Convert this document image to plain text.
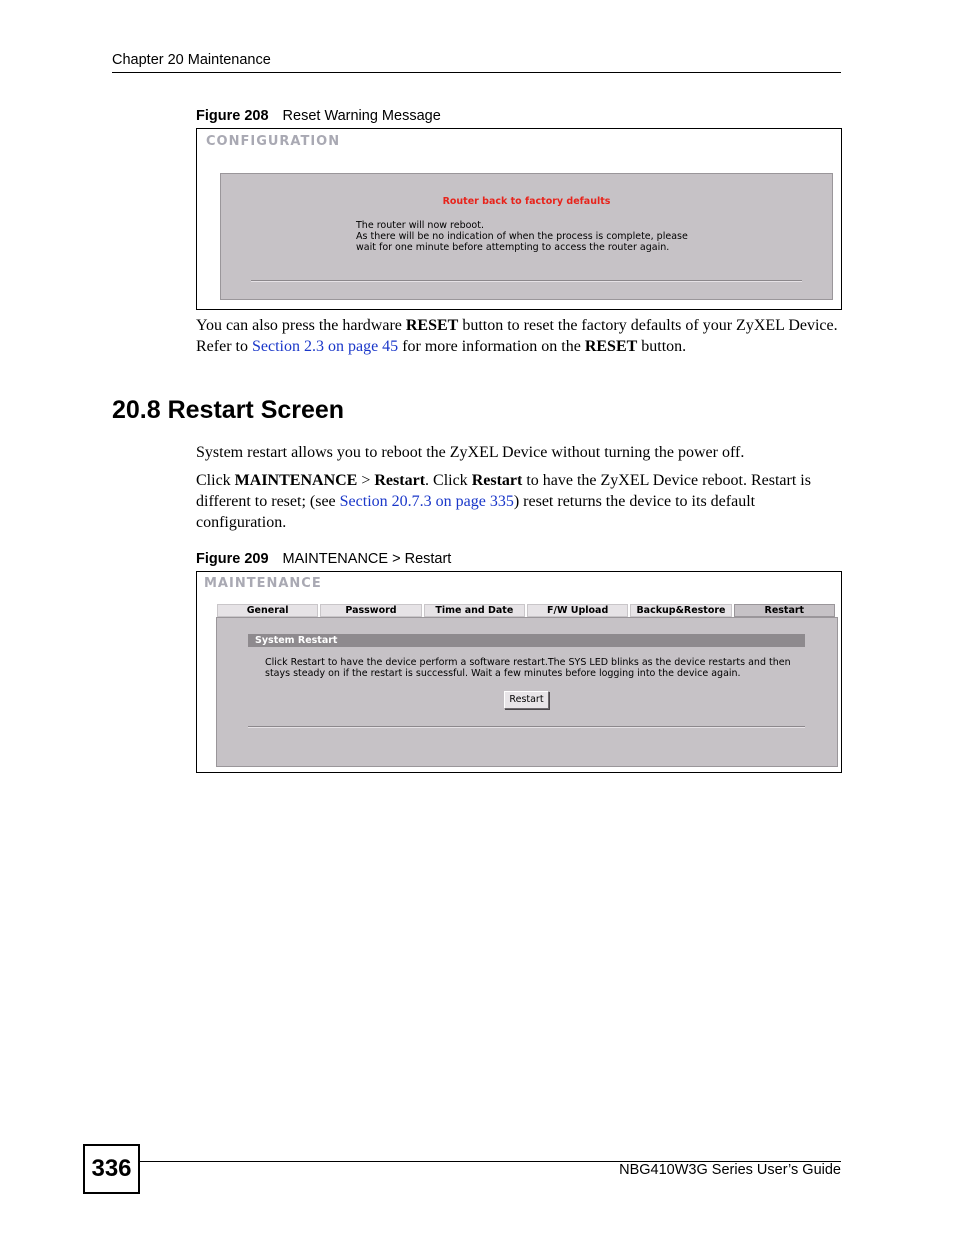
Chapter 20 Maintenance
Figure 208 Reset Warning Message
CONFIGURATION
Router back to factory defaults
The router will now reboot.
As there will be no indication of when the process is complete, please
wait for one minute before attempting to access the router again.
You can also press the hardware RESET button to reset the factory defaults of your ZyXEL Device. Refer to Section 2.3 on page 45 for more information on the RESET button.
20.8 Restart Screen

System restart allows you to reboot the ZyXEL Device without turning the power off.

Click MAINTENANCE > Restart. Click Restart to have the ZyXEL Device reboot. Restart is different to reset; (see Section 20.7.3 on page 335) reset returns the device to its default configuration.

Figure 209 MAINTENANCE > Restart
MAINTENANCE
General	Password	Time and Date	F/W Upload	Backup&Restore	Restart
System Restart
Click Restart to have the device perform a software restart.The SYS LED blinks as the device restarts and then stays steady on if the restart is successful. Wait a few minutes before logging into the device again.
Restart
336	NBG410W3G Series User’s Guide
